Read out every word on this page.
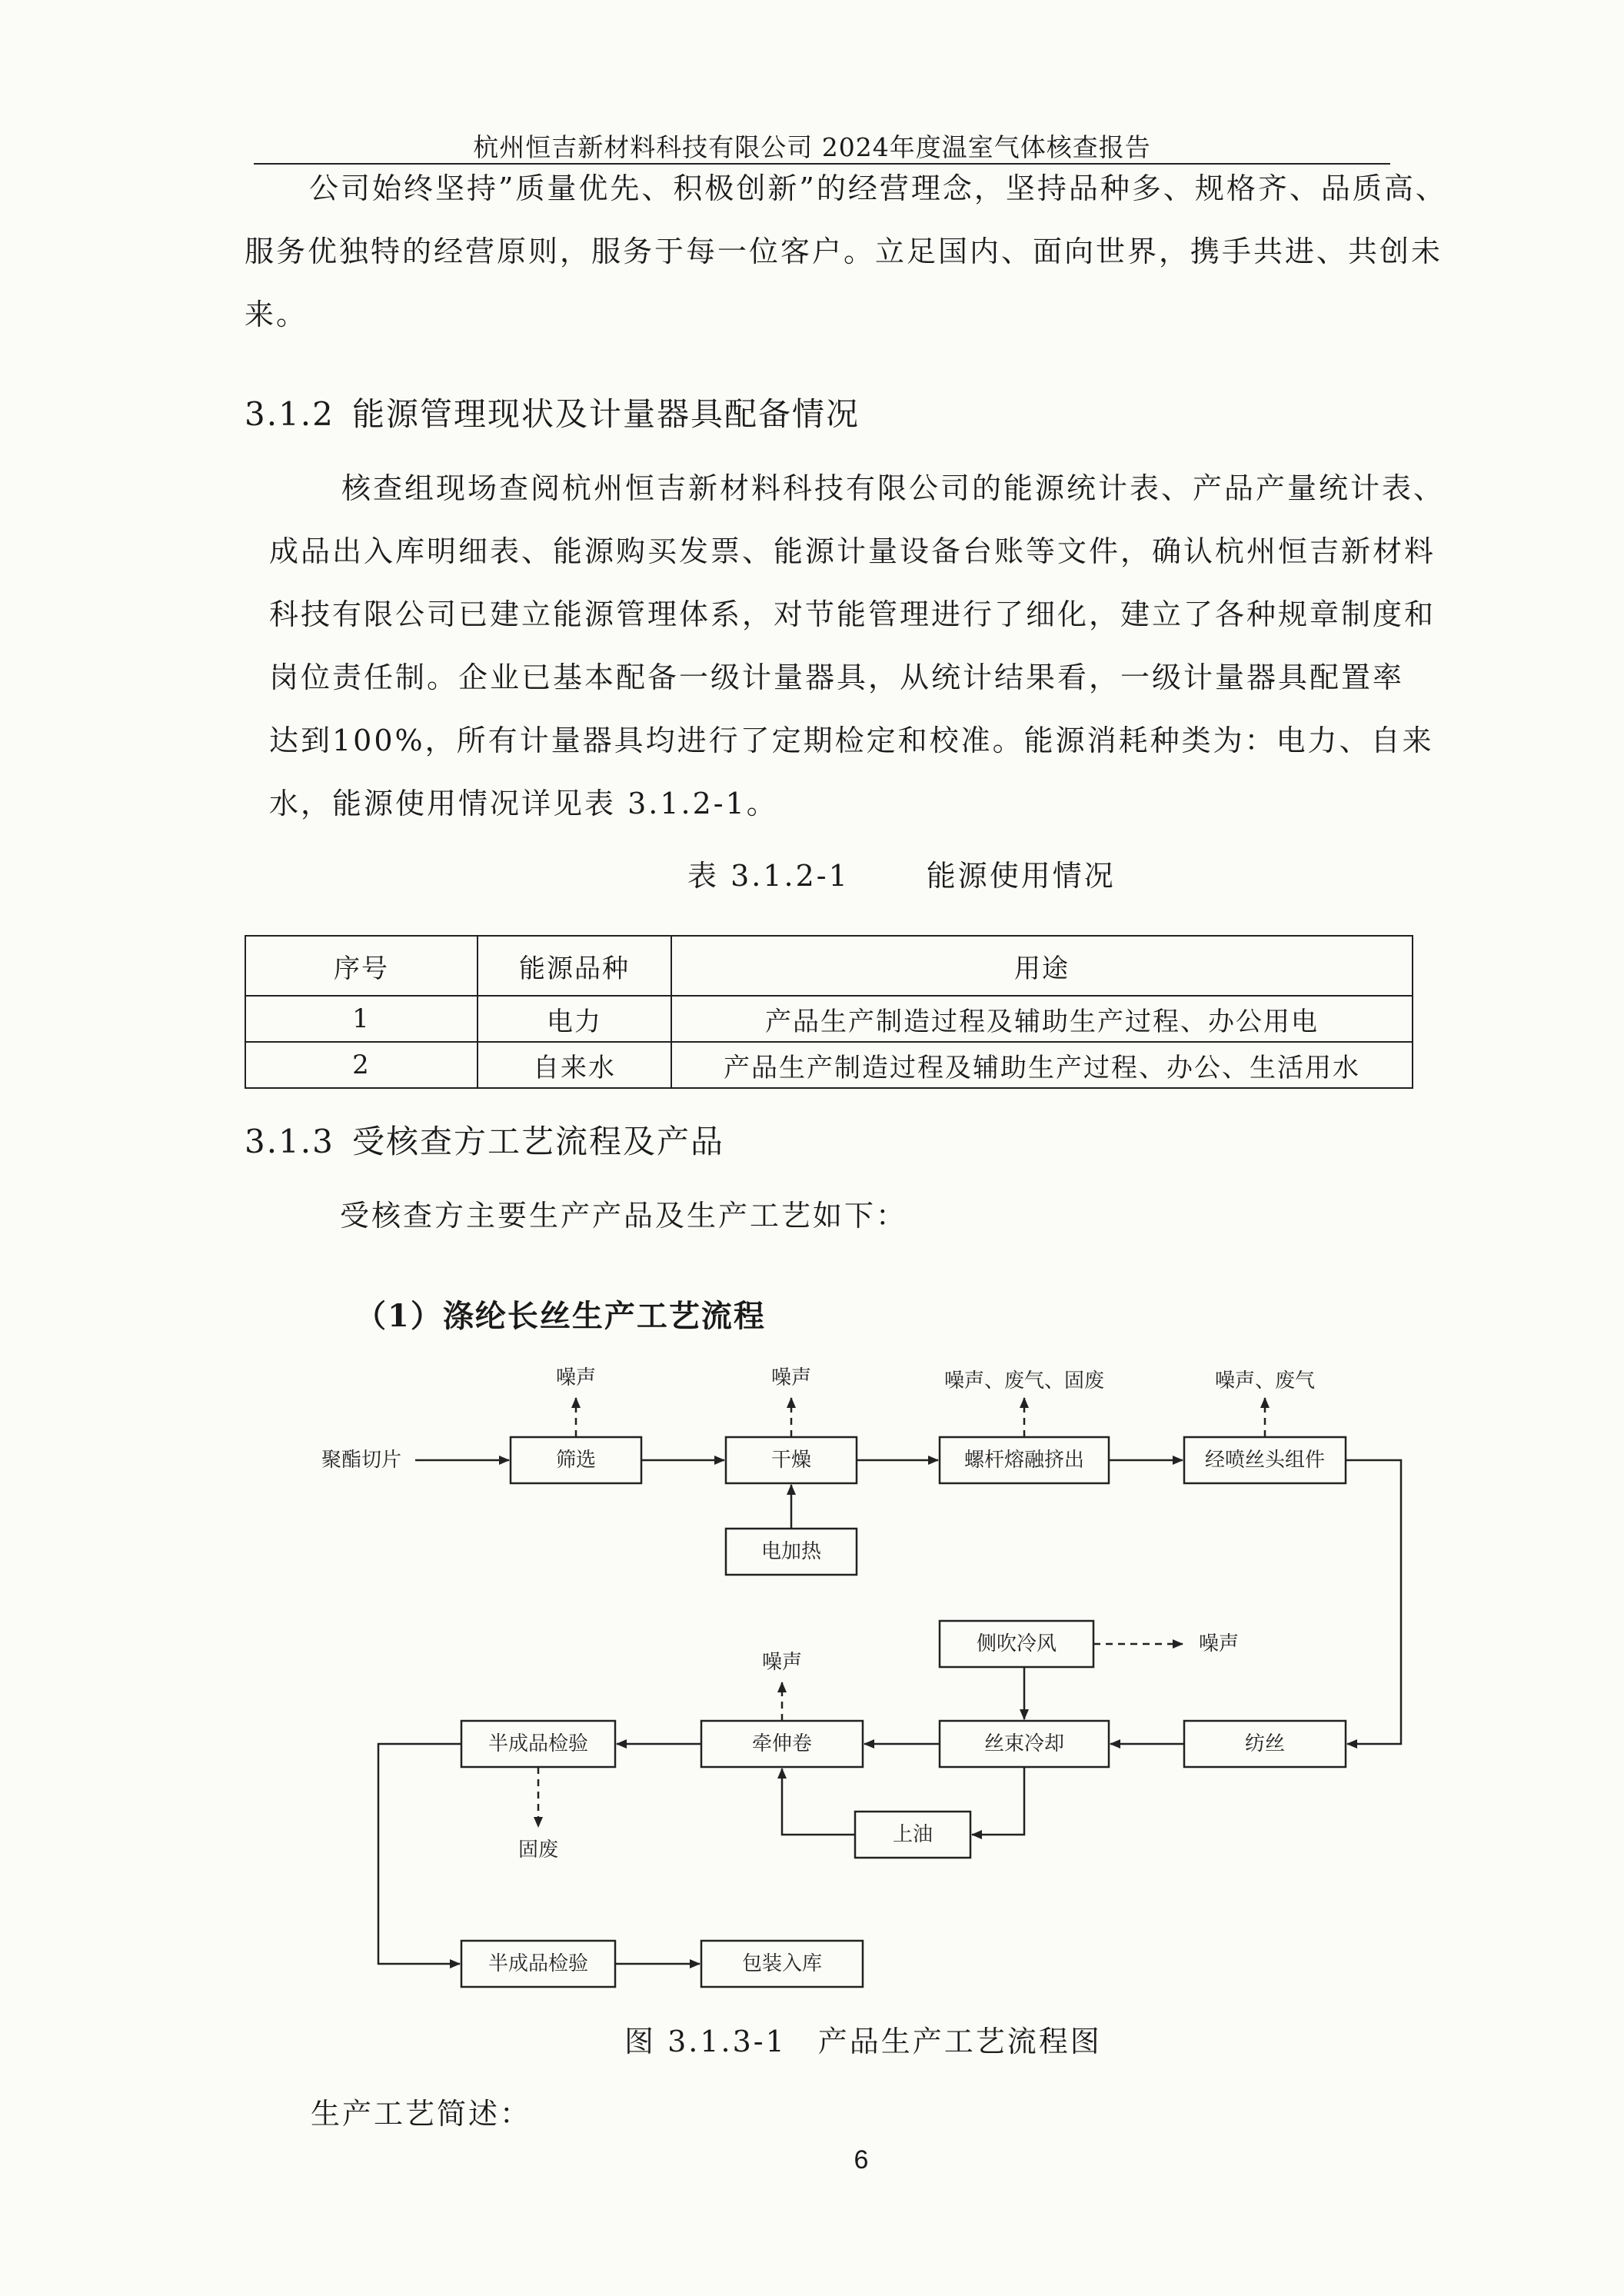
杭州恒吉新材料科技有限公司 2024年度温室气体核查报告

公司始终坚持”质量优先、积极创新”的经营理念，坚持品种多、规格齐、品质高、

服务优独特的经营原则，服务于每一位客户。立足国内、面向世界，携手共进、共创未

来。

3.1.2 能源管理现状及计量器具配备情况

核查组现场查阅杭州恒吉新材料科技有限公司的能源统计表、产品产量统计表、

成品出入库明细表、能源购买发票、能源计量设备台账等文件，确认杭州恒吉新材料

科技有限公司已建立能源管理体系，对节能管理进行了细化，建立了各种规章制度和

岗位责任制。企业已基本配备一级计量器具，从统计结果看，一级计量器具配置率

达到100%，所有计量器具均进行了定期检定和校准。能源消耗种类为：电力、自来

水，能源使用情况详见表 3.1.2-1。

表 3.1.2-1	能源使用情况
序号	能源品种	用途
1	电力	产品生产制造过程及辅助生产过程、办公用电
2	自来水	产品生产制造过程及辅助生产过程、办公、生活用水
3.1.3 受核查方工艺流程及产品
受核查方主要生产产品及生产工艺如下：
（1）涤纶长丝生产工艺流程
聚酯切片	筛选	干燥	螺杆熔融挤出	经喷丝头组件
电加热
侧吹冷风
半成品检验	牵伸卷	丝束冷却	纺丝
上油
半成品检验	包装入库
噪声	噪声	噪声、废气、固废	噪声、废气
噪声
噪声
固废
图 3.1.3-1　产品生产工艺流程图
生产工艺简述：
6
